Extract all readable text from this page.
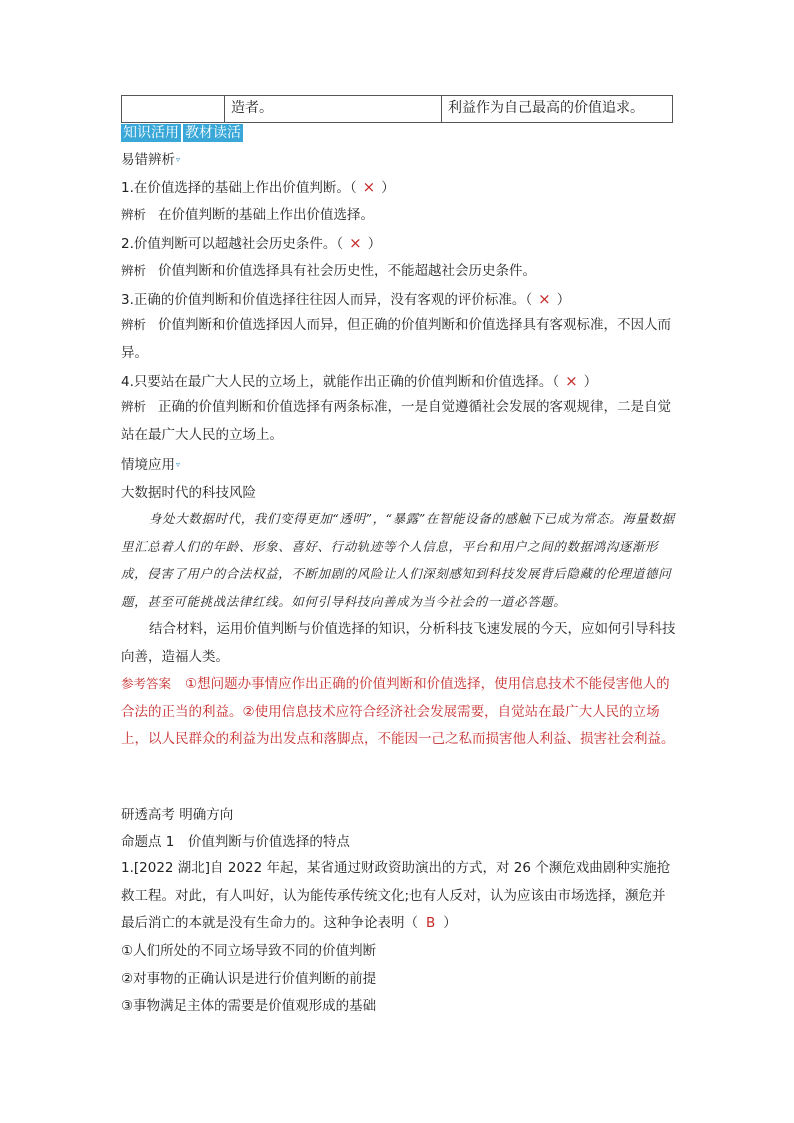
造者。	利益作为自己最高的价值追求。
知识活用 教材读活
易错辨析▿
1.在价值选择的基础上作出价值判断。（ × ）
辨析 在价值判断的基础上作出价值选择。
2.价值判断可以超越社会历史条件。（ × ）
辨析 价值判断和价值选择具有社会历史性，不能超越社会历史条件。
3.正确的价值判断和价值选择往往因人而异，没有客观的评价标准。（ × ）
辨析 价值判断和价值选择因人而异，但正确的价值判断和价值选择具有客观标准，不因人而异。
4.只要站在最广大人民的立场上，就能作出正确的价值判断和价值选择。（ × ）
辨析 正确的价值判断和价值选择有两条标准，一是自觉遵循社会发展的客观规律，二是自觉站在最广大人民的立场上。
情境应用▿
大数据时代的科技风险
身处大数据时代，我们变得更加“透明”，“暴露”在智能设备的感触下已成为常态。海量数据里汇总着人们的年龄、形象、喜好、行动轨迹等个人信息，平台和用户之间的数据鸿沟逐渐形成，侵害了用户的合法权益，不断加剧的风险让人们深刻感知到科技发展背后隐藏的伦理道德问题，甚至可能挑战法律红线。如何引导科技向善成为当今社会的一道必答题。
结合材料，运用价值判断与价值选择的知识，分析科技飞速发展的今天，应如何引导科技向善，造福人类。
参考答案 ①想问题办事情应作出正确的价值判断和价值选择，使用信息技术不能侵害他人的合法的正当的利益。②使用信息技术应符合经济社会发展需要，自觉站在最广大人民的立场上，以人民群众的利益为出发点和落脚点，不能因一己之私而损害他人利益、损害社会利益。
研透高考 明确方向
命题点 1　价值判断与价值选择的特点
1.[2022 湖北]自 2022 年起，某省通过财政资助演出的方式，对 26 个濒危戏曲剧种实施抢救工程。对此，有人叫好，认为能传承传统文化;也有人反对，认为应该由市场选择，濒危并最后消亡的本就是没有生命力的。这种争论表明（ B ）
①人们所处的不同立场导致不同的价值判断
②对事物的正确认识是进行价值判断的前提
③事物满足主体的需要是价值观形成的基础
